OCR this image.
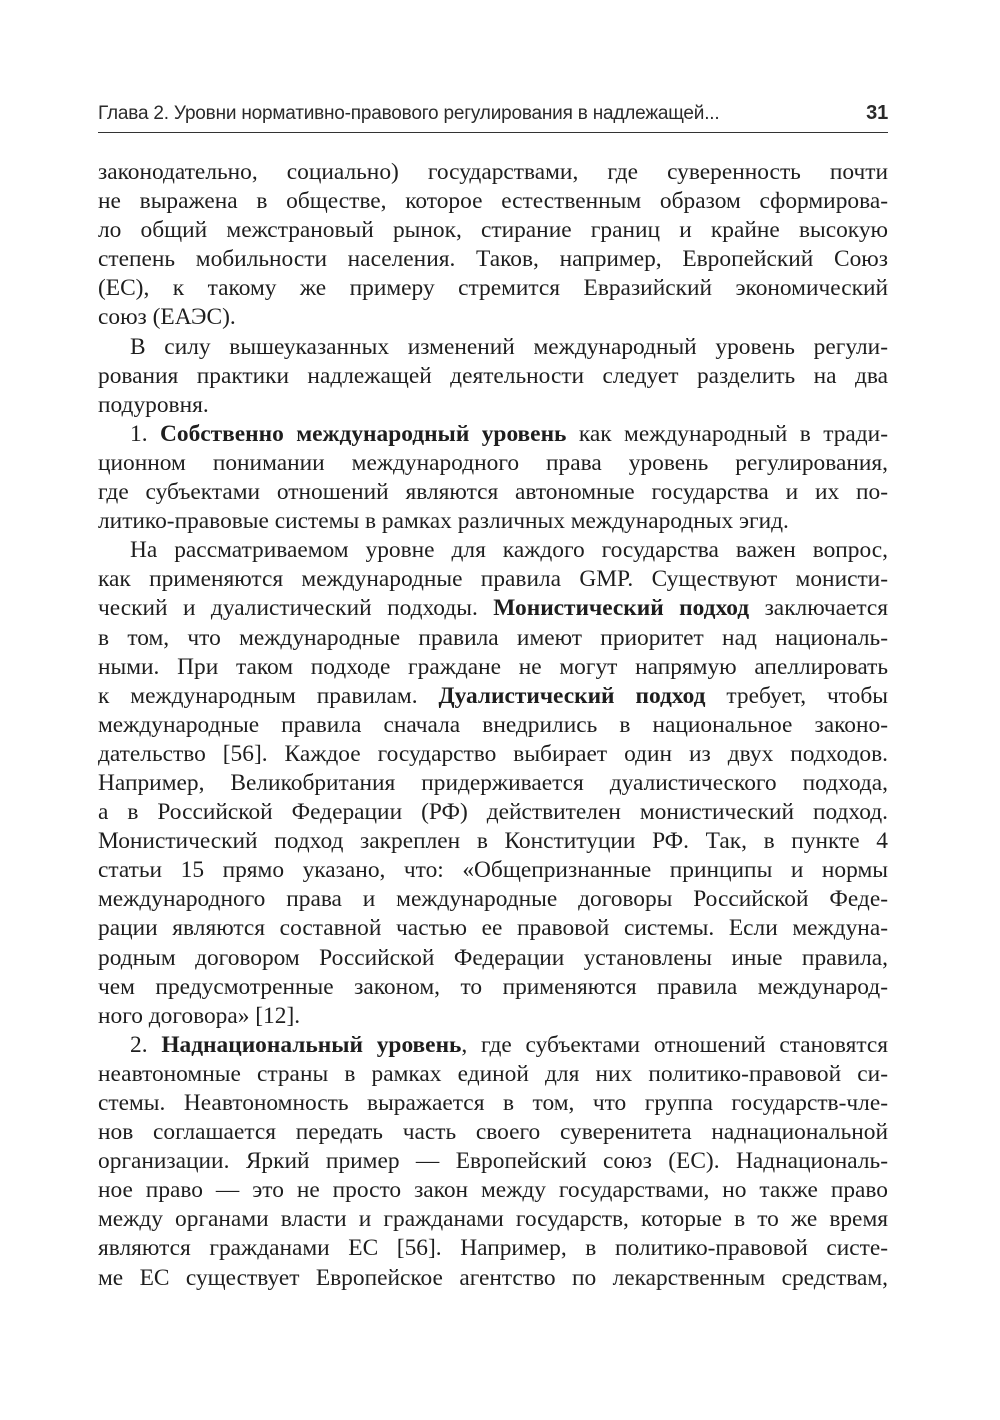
Глава 2. Уровни нормативно-правового регулирования в надлежащей...	31
законодательно, социально) государствами, где суверенность почти
не выражена в обществе, которое естественным образом сформирова-
ло общий межстрановый рынок, стирание границ и крайне высокую
степень мобильности населения. Таков, например, Европейский Союз
(ЕС), к такому же примеру стремится Евразийский экономический
союз (ЕАЭС).
В силу вышеуказанных изменений международный уровень регули-
рования практики надлежащей деятельности следует разделить на два
подуровня.
1. Собственно международный уровень как международный в тради-
ционном понимании международного права уровень регулирования,
где субъектами отношений являются автономные государства и их по-
литико-правовые системы в рамках различных международных эгид.
На рассматриваемом уровне для каждого государства важен вопрос,
как применяются международные правила GMP. Существуют монисти-
ческий и дуалистический подходы. Монистический подход заключается
в том, что международные правила имеют приоритет над националь-
ными. При таком подходе граждане не могут напрямую апеллировать
к международным правилам. Дуалистический подход требует, чтобы
международные правила сначала внедрились в национальное законо-
дательство [56]. Каждое государство выбирает один из двух подходов.
Например, Великобритания придерживается дуалистического подхода,
а в Российской Федерации (РФ) действителен монистический подход.
Монистический подход закреплен в Конституции РФ. Так, в пункте 4
статьи 15 прямо указано, что: «Общепризнанные принципы и нормы
международного права и международные договоры Российской Феде-
рации являются составной частью ее правовой системы. Если междуна-
родным договором Российской Федерации установлены иные правила,
чем предусмотренные законом, то применяются правила международ-
ного договора» [12].
2. Наднациональный уровень, где субъектами отношений становятся
неавтономные страны в рамках единой для них политико-правовой си-
стемы. Неавтономность выражается в том, что группа государств-чле-
нов соглашается передать часть своего суверенитета наднациональной
организации. Яркий пример — Европейский союз (ЕС). Наднациональ-
ное право — это не просто закон между государствами, но также право
между органами власти и гражданами государств, которые в то же время
являются гражданами ЕС [56]. Например, в политико-правовой систе-
ме ЕС существует Европейское агентство по лекарственным средствам,
